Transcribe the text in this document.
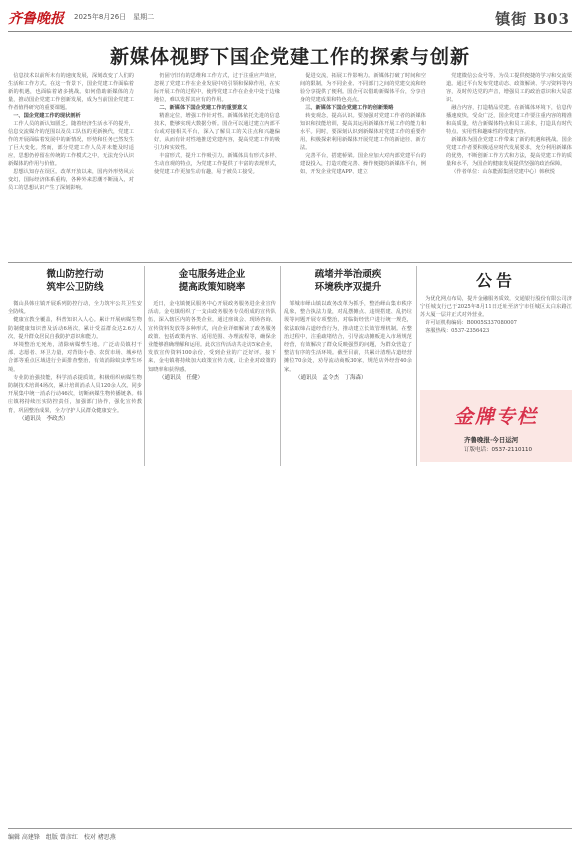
齐鲁晚报 2025年8月26日　星期二	镇街 B03
新媒体视野下国企党建工作的探索与创新

信息技术以前所未有的速度发展，深刻改变了人们的生活和工作方式。在这一背景下，国企党建工作面临着新的机遇，也面临着诸多挑战。如何借助新媒体的力量，推动国企党建工作创新发展，成为当前国企党建工作者值得研究的重要课题。

一、国企党建工作的现状剖析

工作人员的新认知匮乏。随着经济生活水平的提升，信息交流媒介的范围以及员工队伍的更新换代，党建工作的开展面临着发展中的新情况，形势和任务已然发生了巨大变化。然而，部分党建工作人员并未能及时适应，思想仍停留在传统的工作模式之中，无法充分认识新媒体的作用与价值。

思想认知存在误区。改革开放以来，国内外形势风云变幻，国际经济体系重构，各种外来思潮不断涌入，对员工的思想认识产生了深刻影响。

仍固守旧有的思维和工作方式，过于注重应声效应，忽视了党建工作在企业发展中的引领和保障作用，在实际开展工作的过程中，使得党建工作在企业中处于边缘地位，难以发挥其应有的作用。

二、新媒体下国企党建工作的重要意义

精准定位，增强工作针对性。新媒体依托先进的信息技术，能够实现大数据分析。国企可以通过建立内部平台或对接相关平台，深入了解员工的关注点和兴趣偏好，从而有针对性地推送党建内容，提高党建工作的吸引力和实效性。

丰富形式，提升工作吸引力。新媒体具有形式多样、生动直观的特点，为党建工作提供了丰富的表现形式，使党建工作更加生动有趣，易于被员工接受。

促进交流，拓展工作影响力。新媒体打破了时间和空间的限制，为不同企业、不同部门之间的党建交流和经验分享提供了便利。国企可以借助新媒体平台，分享自身的党建成果和特色亮点。

三、新媒体下国企党建工作的创新策略

转变观念，提高认识。要加强对党建工作者的新媒体知识和技能培训，提高其运用新媒体开展工作的能力和水平。同时，要深刻认识到新媒体对党建工作的重要作用，积极探索利用新媒体开展党建工作的新途径、新方法。

完善平台，搭建桥梁。国企应加大对内部党建平台的建设投入，打造功能完善、操作便捷的新媒体平台，例如，开发企业党建APP、建立

党建微信公众号等，为员工提供便捷的学习和交流渠道。通过平台发布党建动态、政策解读、学习资料等内容，及时传达党的声音，增强员工的政治意识和大局意识。

融合内容，打造精品党建。在新媒体环境下，信息传播速度快，受众广泛，国企党建工作要注重内容的精准和高质量，结合新媒体特点和员工需求，打造具有时代特点、实用性和趣味性的党建内容。

新媒体为国企党建工作带来了新的机遇和挑战。国企党建工作者要积极适应时代发展要求，充分利用新媒体的优势，不断创新工作方式和方法，提高党建工作的质量和水平，为国企的健康发展提供坚强的政治保障。

（作者单位：山东能源集团党建中心）韩秋悦

微山防控行动
筑牢公卫防线

微山县韩庄镇开展系列防控行动，全力筑牢公共卫生安全防线。

健康宣教全覆盖，科普知识入人心。累计开展病媒生物防制健康知识普及活动6场次，累计受益群众达2.6万人次，提升群众居民自我防护意识和能力。

环境整治无死角，清除病媒孳生地。广泛动员镇村干部、志愿者、环卫力量，对背街小巷、农贸市场、城乡结合部等重点区域进行全面排查整治，有效消除蚊虫孳生环境。

专业防治强技能，科学消杀提质效。积极组织病媒生物防制技术培训4场次，累计培训消杀人员120余人次。同步开展集中统一消杀行动46次，切断病媒生物传播链条。韩庄镇将持续压实防控责任，加强部门协作，强化宣传教育，巩固整治成果，全力守护人民群众健康安全。

（通讯员　李政杰）
金屯服务进企业
提高政策知晓率

近日，金屯镇便民服务中心开展政务服务进企业宣传活动。金屯镇组织了一支由政务服务专员组成的宣传队伍，深入辖区内的各类企业，通过座谈会、现场咨询、宣传资料发放等多种形式，向企业详细解读了政务服务政策、包括政策内容、适用范围、办理流程等，确保企业能够准确理解和运用。此次宣传活动共走访5家企业，发放宣传资料100余份，受到企业的广泛好评。接下来，金屯镇将持续加大政策宣传力度，让企业对政策的知晓率和获得感。

（通讯员　任健）
疏堵并举治顽疾
环境秩序双提升

邹城市峄山镇以政务改革为抓手，整治峄山集市秩序乱象，整合执法力量，对乱摆摊点、违规搭建、乱扔垃圾等问题开展专项整治，对临街经营户进行统一规范，依法取缔占道经营行为，推动建立长效管理机制。在整治过程中，注重疏堵结合，引导流动摊贩进入市场规范经营，有效解决了群众反映强烈的问题，为群众营造了整洁有序的生活环境。截至目前，共累计清理占道经营摊位70余处，劝导流动商贩30家，规范店外经营40余家。

（通讯员　孟令杰　丁海森）
公告

为优化网点布局，提升金融服务质效，交通银行股份有限公司济宁任城支行已于2025年8月11日迁址至济宁市任城区太白东路江苏大厦一层并正式对外营业。

许可证机构编码：B0005S337080007

客服热线：0537-2356423

金牌专栏
齐鲁晚报·今日运河
订版电话：0537-2110110
编辑 高建锋　组版 曾彦红　校对 褚思燕
